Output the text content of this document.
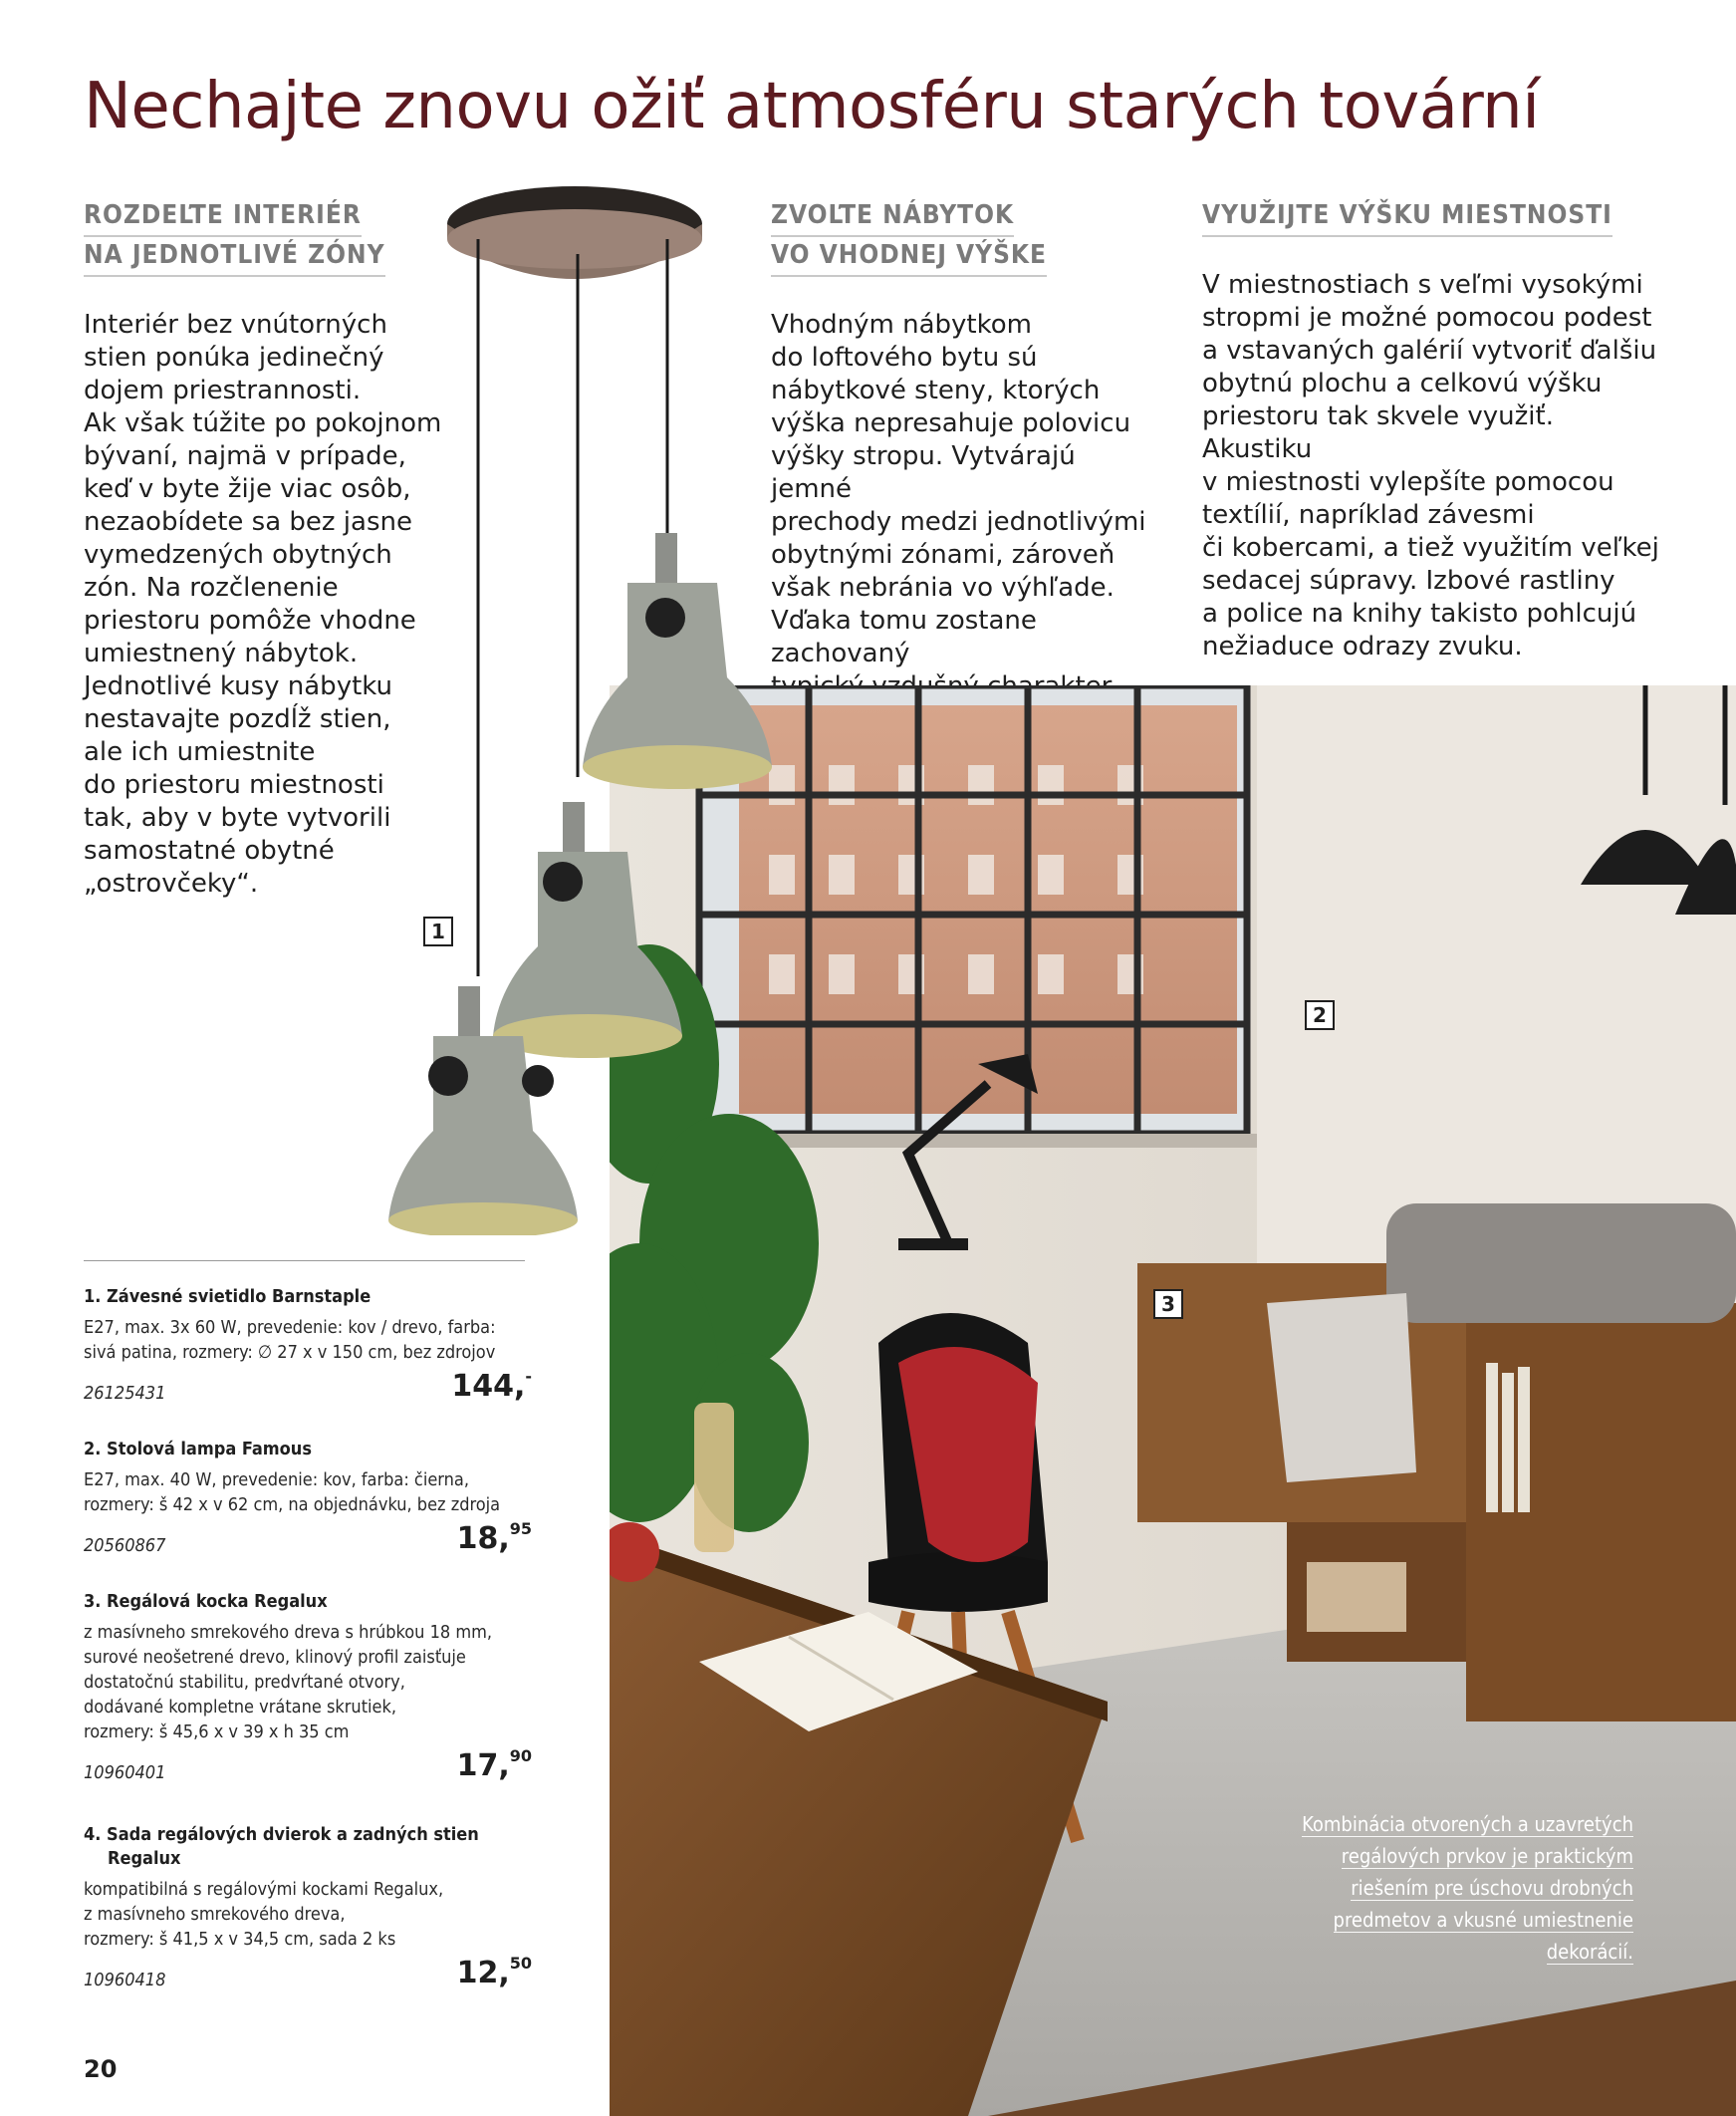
Nechajte znovu ožiť atmosféru starých tovární
ROZDEĽTE INTERIÉR
NA JEDNOTLIVÉ ZÓNY
Interiér bez vnútorných
stien ponúka jedinečný
dojem priestrannosti.
Ak však túžite po pokojnom
bývaní, najmä v prípade,
keď v byte žije viac osôb,
nezaobídete sa bez jasne
vymedzených obytných
zón. Na rozčlenenie
priestoru pomôže vhodne
umiestnený nábytok.
Jednotlivé kusy nábytku
nestavajte pozdĺž stien,
ale ich umiestnite
do priestoru miestnosti
tak, aby v byte vytvorili
samostatné obytné
„ostrovčeky“.
ZVOĽTE NÁBYTOK
VO VHODNEJ VÝŠKE
Vhodným nábytkom
do loftového bytu sú
nábytkové steny, ktorých
výška nepresahuje polovicu
výšky stropu. Vytvárajú jemné
prechody medzi jednotlivými
obytnými zónami, zároveň
však nebránia vo výhľade.
Vďaka tomu zostane zachovaný

VYUŽIJTE VÝŠKU MIESTNOSTI
V miestnostiach s veľmi vysokými
stropmi je možné pomocou podest
a vstavaných galérií vytvoriť ďalšiu
obytnú plochu a celkovú výšku
priestoru tak skvele využiť. Akustiku
v miestnosti vylepšíte pomocou
textílií, napríklad závesmi
či kobercami, a tiež využitím veľkej
sedacej súpravy. Izbové rastliny
a police na knihy takisto pohlcujú
nežiaduce odrazy zvuku.
1
2
3
1. Závesné svietidlo Barnstaple
E27, max. 3x 60 W, prevedenie: kov / drevo, farba:
sivá patina, rozmery: ∅ 27 x v 150 cm, bez zdrojov
26125431	144,-
2. Stolová lampa Famous
E27, max. 40 W, prevedenie: kov, farba: čierna,
rozmery: š 42 x v 62 cm, na objednávku, bez zdroja
20560867	18,95
3. Regálová kocka Regalux
z masívneho smrekového dreva s hrúbkou 18 mm,
surové neošetrené drevo, klinový profil zaisťuje
dostatočnú stabilitu, predvŕtané otvory,
dodávané kompletne vrátane skrutiek,
rozmery: š 45,6 x v 39 x h 35 cm
10960401	17,90
4. Sada regálových dvierok a zadných stien
Regalux
kompatibilná s regálovými kockami Regalux,
z masívneho smrekového dreva,
rozmery: š 41,5 x v 34,5 cm, sada 2 ks
10960418	12,50
Kombinácia otvorených a uzavretých
regálových prvkov je praktickým
riešením pre úschovu drobných
predmetov a vkusné umiestnenie
dekorácií.
20
